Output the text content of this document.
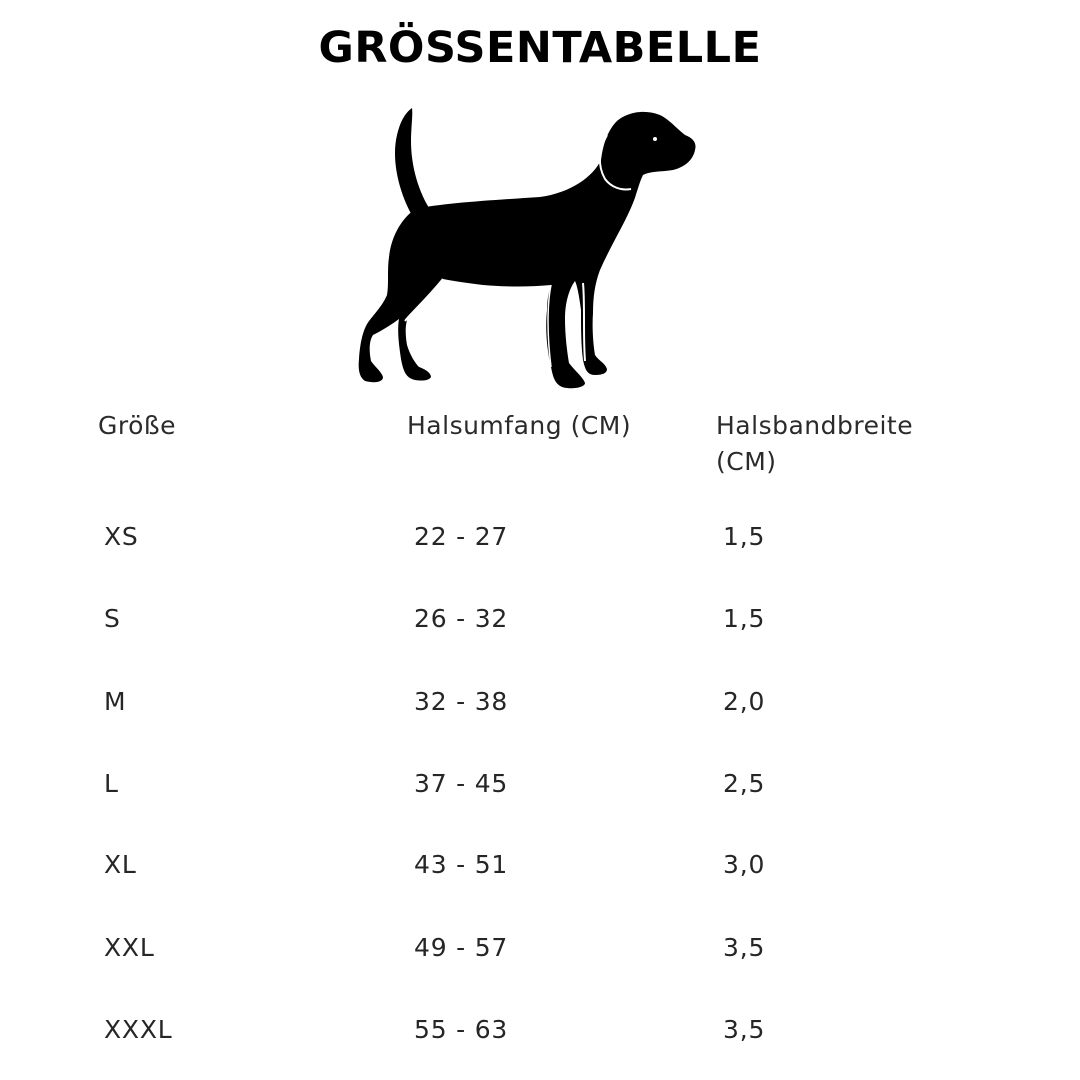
GRÖSSENTABELLE
Größe	Halsumfang (CM)	Halsbandbreite (CM)
XS	22 - 27	1,5
S	26 - 32	1,5
M	32 - 38	2,0
L	37 - 45	2,5
XL	43 - 51	3,0
XXL	49 - 57	3,5
XXXL	55 - 63	3,5
